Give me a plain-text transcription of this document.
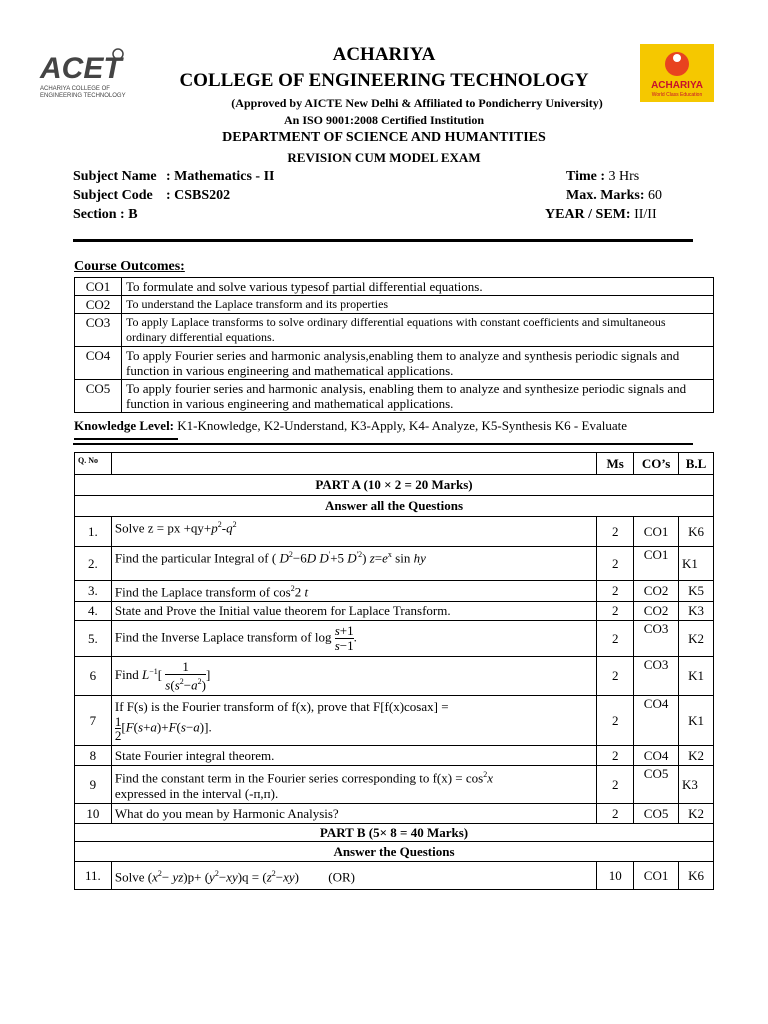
ACET
ACHARIYA COLLEGE OF
ENGINEERING TECHNOLOGY
ACHARIYA
World Class Education
ACHARIYA
COLLEGE OF ENGINEERING TECHNOLOGY
(Approved by AICTE New Delhi & Affiliated to Pondicherry University)
An ISO 9001:2008 Certified Institution
DEPARTMENT OF SCIENCE AND HUMANTITIES
REVISION CUM MODEL EXAM
Subject Name : Mathematics - II
Subject Code : CSBS202
Section : B
Time : 3 Hrs
Max. Marks: 60
YEAR / SEM: II/II
Course Outcomes:
CO1	To formulate and solve various typesof partial differential equations.
CO2	To understand the Laplace transform and its properties
CO3	To apply Laplace transforms to solve ordinary differential equations with constant coefficients and simultaneous ordinary differential equations.
CO4	To apply Fourier series and harmonic analysis,enabling them to analyze and synthesis periodic signals and function in various engineering and mathematical applications.
CO5	To apply fourier series and harmonic analysis, enabling them to analyze and synthesize periodic signals and function in various engineering and mathematical applications.
Knowledge Level: K1-Knowledge, K2-Understand, K3-Apply, K4- Analyze, K5-Synthesis K6 - Evaluate
Q. No		Ms	CO’s	B.L
PART A (10 × 2 = 20 Marks)				
Answer all the Questions				
1.	Solve z = px $+qy+p^2-q^2$	2	CO1	K6
2.	Find the particular Integral of ( $D^2-6D$ D'+5 $D^{'2}$) $z=e^x$ sin hy	2	CO1	K1
3.	Find the Laplace transform of $\cos^22$ t	2	CO2	K5
4.	State and Prove the Initial value theorem for Laplace Transform.	2	CO2	K3
5.	Find the Inverse Laplace transform of log s+1
s−1.	2	CO3	K2
6	Find $L^{-1}$[ 1
$s(s^2-a^2)$]	2	CO3	K1
7	If F(s) is the Fourier transform of f(x), prove that F[f(x)cosax] =
1
2[F(s+a)+F(s−a)].	2	CO4	K1
8	State Fourier integral theorem.	2	CO4	K2
9	Find the constant term in the Fourier series corresponding to $f(x) = \cos^2x$
expressed in the interval (-п,п).	2	CO5	K3
10	What do you mean by Harmonic Analysis?	2	CO5	K2
PART B (5× 8 = 40 Marks)				
Answer the Questions				
11.	Solve $(x^2- yz)p+ (y^2-xy)q = (z^2-xy)$         (OR)	10	CO1	K6
